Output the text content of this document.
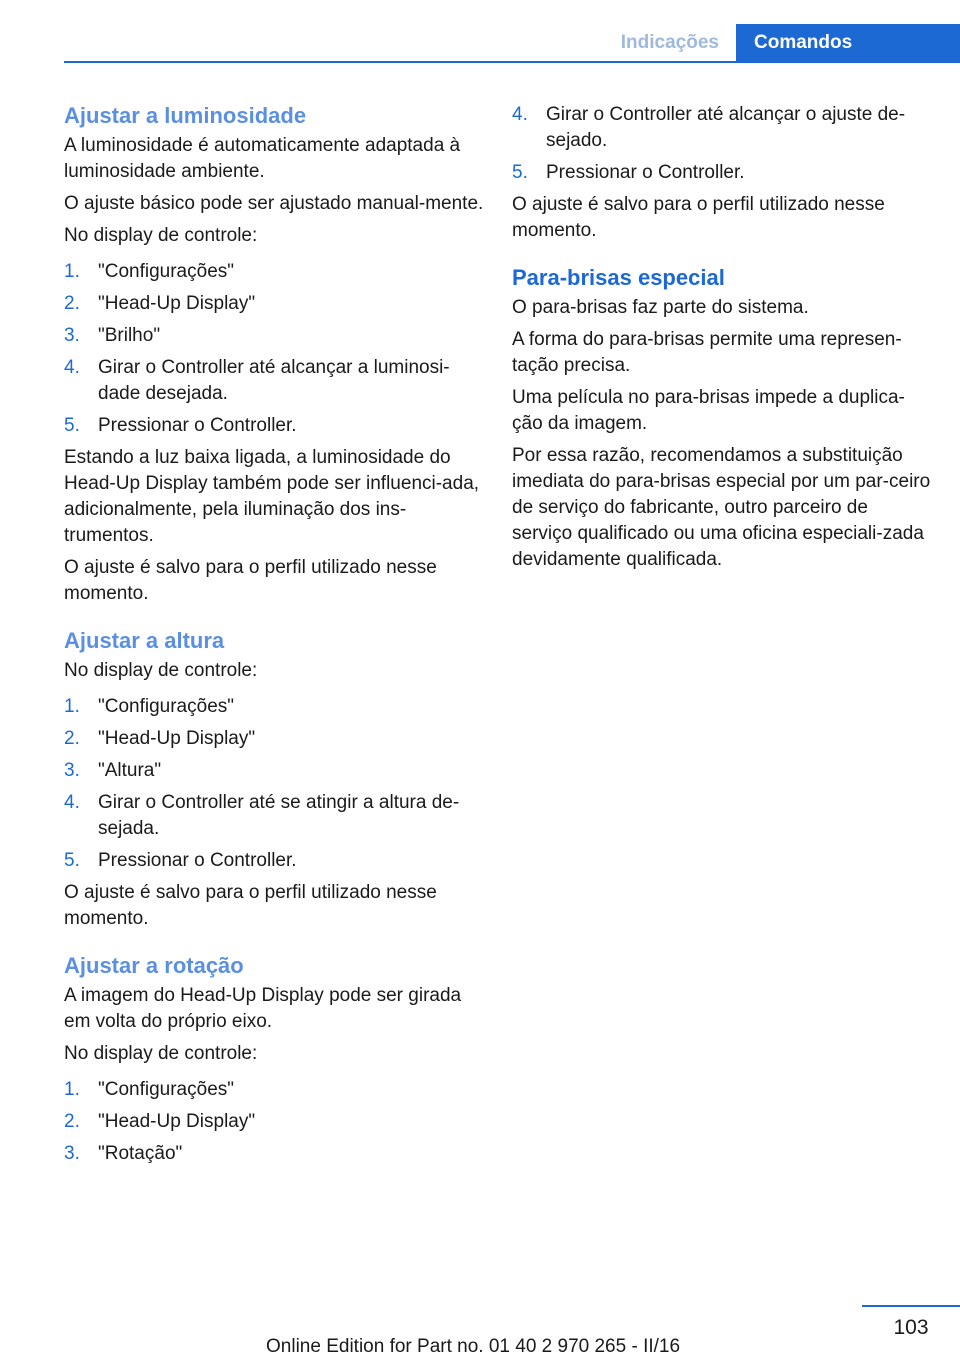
Indicações	Comandos
Ajustar a luminosidade

A luminosidade é automaticamente adaptada à luminosidade ambiente.

O ajuste básico pode ser ajustado manual-mente.

No display de controle:

1. "Configurações"
2. "Head-Up Display"
3. "Brilho"
4. Girar o Controller até alcançar a luminosi-dade desejada.
5. Pressionar o Controller.

Estando a luz baixa ligada, a luminosidade do Head-Up Display também pode ser influenci-ada, adicionalmente, pela iluminação dos ins-trumentos.

O ajuste é salvo para o perfil utilizado nesse momento.

Ajustar a altura

No display de controle:

1. "Configurações"
2. "Head-Up Display"
3. "Altura"
4. Girar o Controller até se atingir a altura de-sejada.
5. Pressionar o Controller.

O ajuste é salvo para o perfil utilizado nesse momento.

Ajustar a rotação

A imagem do Head-Up Display pode ser girada em volta do próprio eixo.

No display de controle:

1. "Configurações"
2. "Head-Up Display"
3. "Rotação"
4. Girar o Controller até alcançar o ajuste de-sejado.
5. Pressionar o Controller.

O ajuste é salvo para o perfil utilizado nesse momento.

Para-brisas especial

O para-brisas faz parte do sistema.

A forma do para-brisas permite uma represen-tação precisa.

Uma película no para-brisas impede a duplica-ção da imagem.

Por essa razão, recomendamos a substituição imediata do para-brisas especial por um par-ceiro de serviço do fabricante, outro parceiro de serviço qualificado ou uma oficina especiali-zada devidamente qualificada.

103
Online Edition for Part no. 01 40 2 970 265 - II/16
